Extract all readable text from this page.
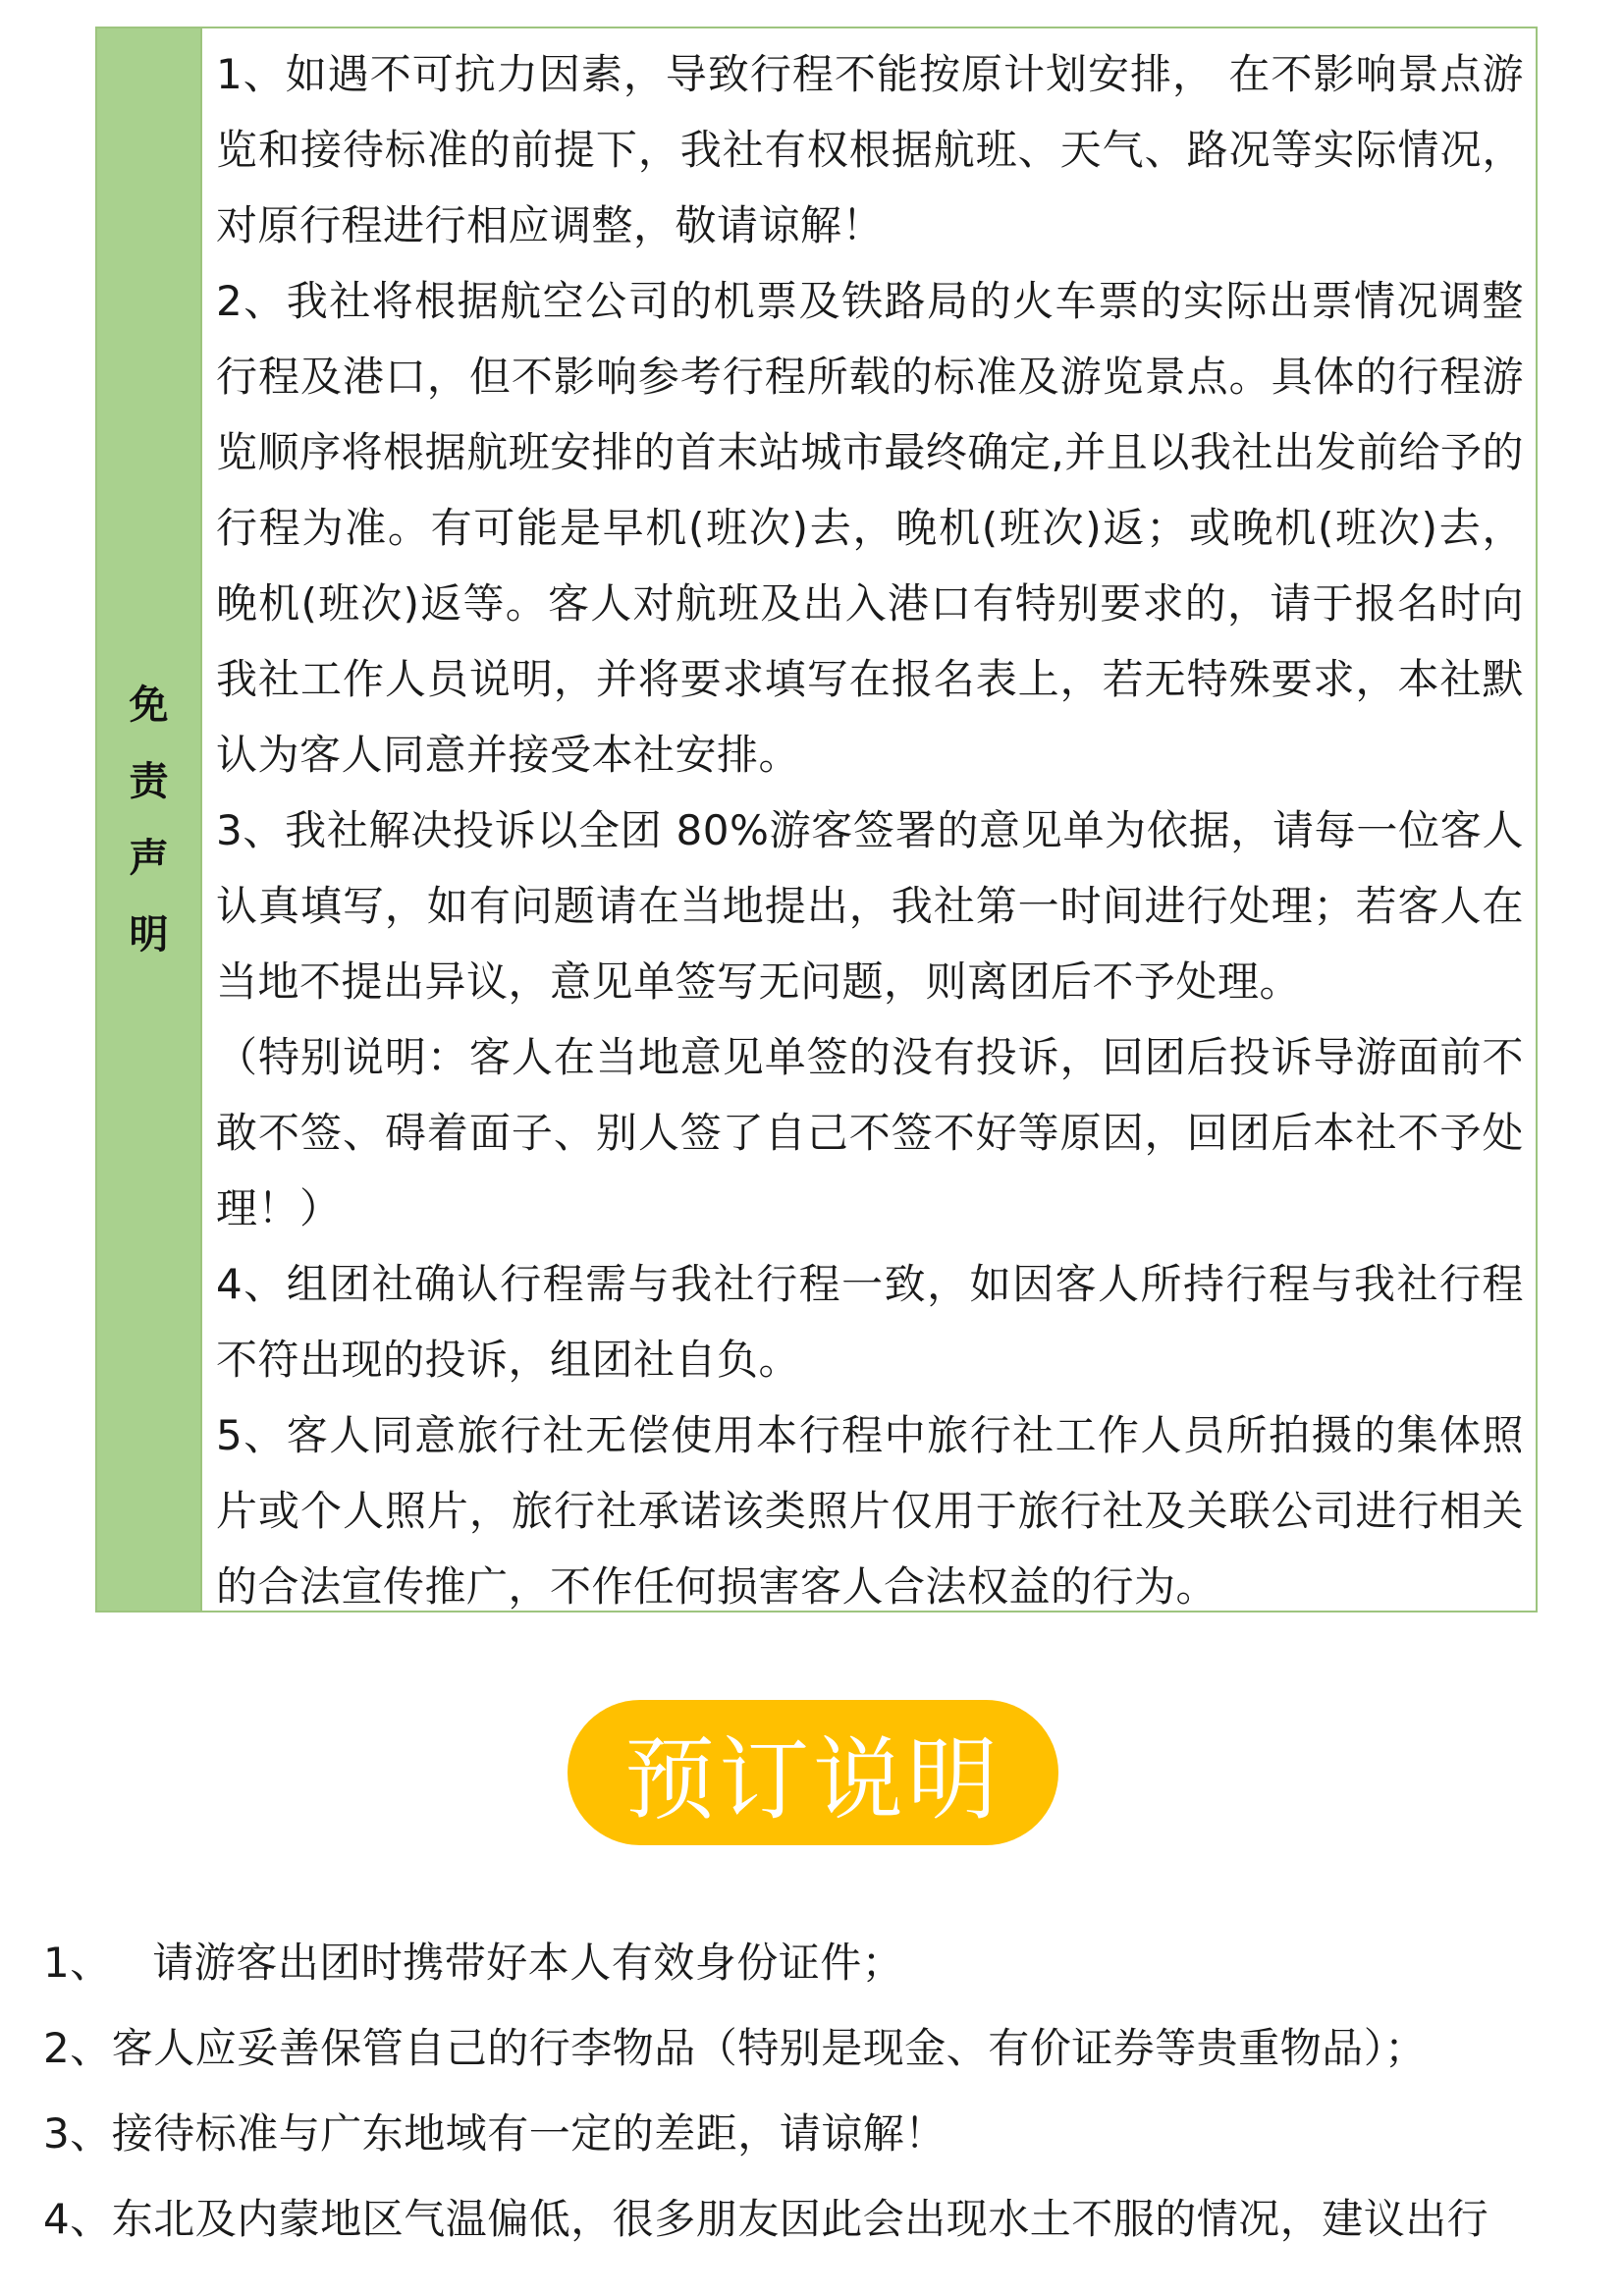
免
责
声
明

1、如遇不可抗力因素，导致行程不能按原计划安排， 在不影响景点游览和接待标准的前提下，我社有权根据航班、天气、路况等实际情况，对原行程进行相应调整，敬请谅解！

2、我社将根据航空公司的机票及铁路局的火车票的实际出票情况调整行程及港口，但不影响参考行程所载的标准及游览景点。具体的行程游览顺序将根据航班安排的首末站城市最终确定,并且以我社出发前给予的行程为准。有可能是早机(班次)去，晚机(班次)返；或晚机(班次)去，晚机(班次)返等。客人对航班及出入港口有特别要求的，请于报名时向我社工作人员说明，并将要求填写在报名表上，若无特殊要求，本社默认为客人同意并接受本社安排。

3、我社解决投诉以全团 80%游客签署的意见单为依据，请每一位客人认真填写，如有问题请在当地提出，我社第一时间进行处理；若客人在当地不提出异议，意见单签写无问题，则离团后不予处理。

（特别说明：客人在当地意见单签的没有投诉，回团后投诉导游面前不敢不签、碍着面子、别人签了自己不签不好等原因，回团后本社不予处理！）

4、组团社确认行程需与我社行程一致，如因客人所持行程与我社行程不符出现的投诉，组团社自负。

5、客人同意旅行社无偿使用本行程中旅行社工作人员所拍摄的集体照片或个人照片，旅行社承诺该类照片仅用于旅行社及关联公司进行相关的合法宣传推广，不作任何损害客人合法权益的行为。

预订说明

1、   请游客出团时携带好本人有效身份证件；

2、客人应妥善保管自己的行李物品（特别是现金、有价证券等贵重物品）；

3、接待标准与广东地域有一定的差距，请谅解！

4、东北及内蒙地区气温偏低，很多朋友因此会出现水土不服的情况，建议出行
